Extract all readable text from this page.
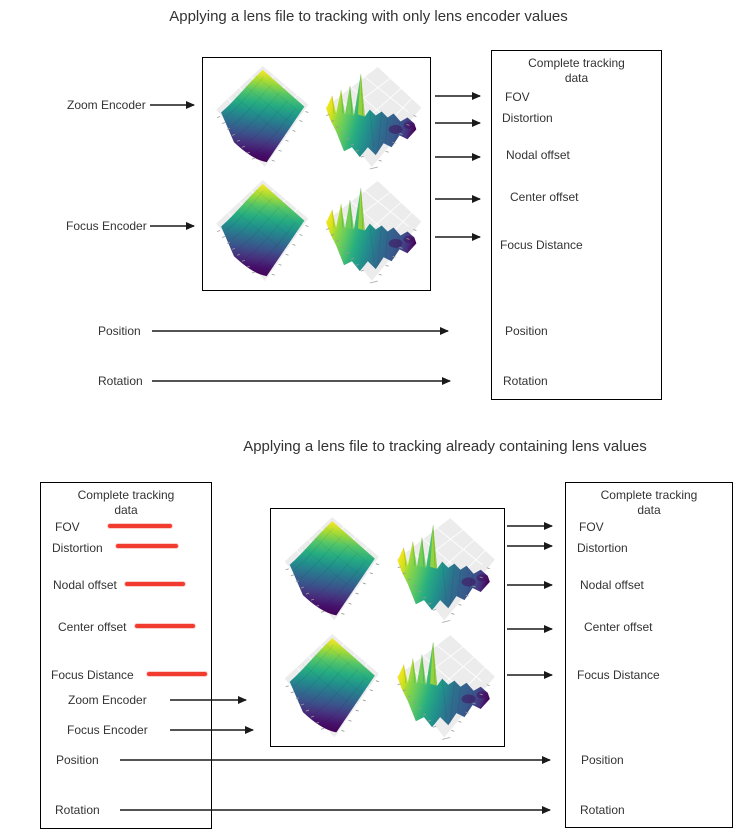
Applying a lens file to tracking with only lens encoder values
Zoom Encoder
Focus Encoder
Position
Rotation
Complete tracking data
FOV
Distortion
Nodal offset
Center offset
Focus Distance
Position
Rotation
Applying a lens file to tracking already containing lens values
Complete tracking data
FOV
Distortion
Nodal offset
Center offset
Focus Distance
Zoom Encoder
Focus Encoder
Position
Rotation
Complete tracking data
FOV
Distortion
Nodal offset
Center offset
Focus Distance
Position
Rotation
